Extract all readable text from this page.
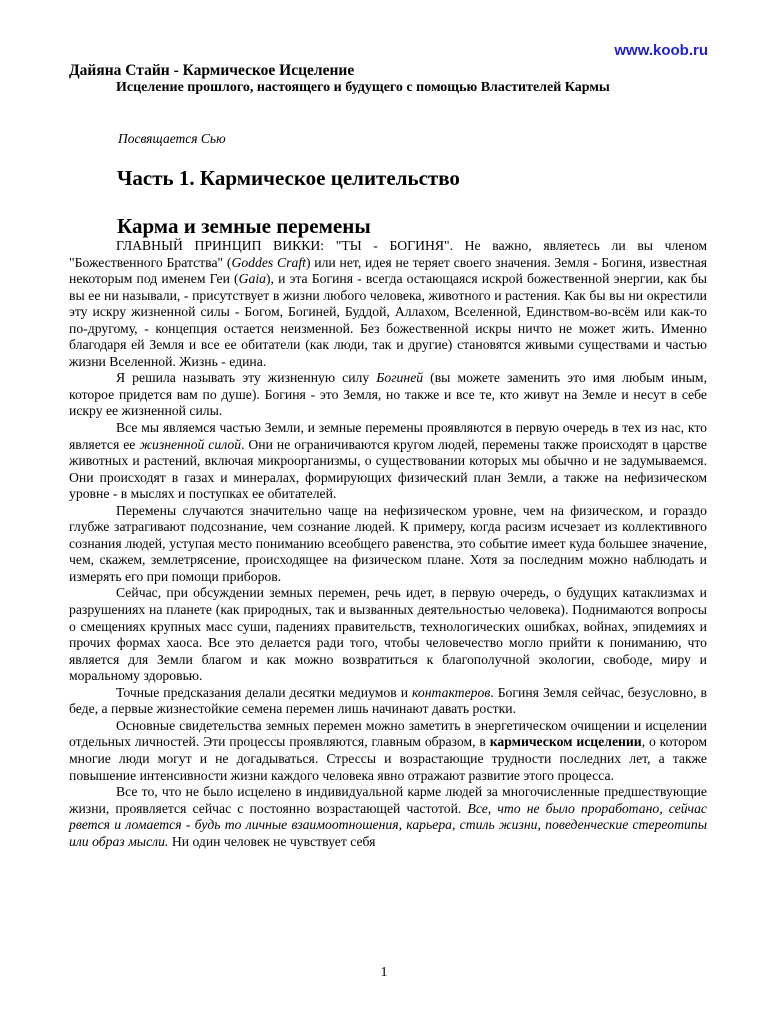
www.koob.ru
Дайяна Стайн - Кармическое Исцеление
Исцеление прошлого, настоящего и будущего с помощью Властителей Кармы
Посвящается Сью
Часть 1. Кармическое целительство
Карма и земные перемены

ГЛАВНЫЙ ПРИНЦИП ВИККИ: "ТЫ - БОГИНЯ". Не важно, являетесь ли вы членом "Божественного Братства" (Goddes Craft) или нет, идея не теряет своего значения. Земля - Богиня, известная некоторым под именем Геи (Gaia), и эта Богиня - всегда остающаяся искрой божественной энергии, как бы вы ее ни называли, - присутствует в жизни любого человека, животного и растения. Как бы вы ни окрестили эту искру жизненной силы - Богом, Богиней, Буддой, Аллахом, Вселенной, Единством-во-всём или как-то по-другому, - концепция остается неизменной. Без божественной искры ничто не может жить. Именно благодаря ей Земля и все ее обитатели (как люди, так и другие) становятся живыми существами и частью жизни Вселенной. Жизнь - едина.

Я решила называть эту жизненную силу Богиней (вы можете заменить это имя любым иным, которое придется вам по душе). Богиня - это Земля, но также и все те, кто живут на Земле и несут в себе искру ее жизненной силы.

Все мы являемся частью Земли, и земные перемены проявляются в первую очередь в тех из нас, кто является ее жизненной силой. Они не ограничиваются кругом людей, перемены также происходят в царстве животных и растений, включая микроорганизмы, о существовании которых мы обычно и не задумываемся. Они происходят в газах и минералах, формирующих физический план Земли, а также на нефизическом уровне - в мыслях и поступках ее обитателей.

Перемены случаются значительно чаще на нефизическом уровне, чем на физическом, и гораздо глубже затрагивают подсознание, чем сознание людей. К примеру, когда расизм исчезает из коллективного сознания людей, уступая место пониманию всеобщего равенства, это событие имеет куда большее значение, чем, скажем, землетрясение, происходящее на физическом плане. Хотя за последним можно наблюдать и измерять его при помощи приборов.

Сейчас, при обсуждении земных перемен, речь идет, в первую очередь, о будущих катаклизмах и разрушениях на планете (как природных, так и вызванных деятельностью человека). Поднимаются вопросы о смещениях крупных масс суши, падениях правительств, технологических ошибках, войнах, эпидемиях и прочих формах хаоса. Все это делается ради того, чтобы человечество могло прийти к пониманию, что является для Земли благом и как можно возвратиться к благополучной экологии, свободе, миру и моральному здоровью.

Точные предсказания делали десятки медиумов и контактеров. Богиня Земля сейчас, безусловно, в беде, а первые жизнестойкие семена перемен лишь начинают давать ростки.

Основные свидетельства земных перемен можно заметить в энергетическом очищении и исцелении отдельных личностей. Эти процессы проявляются, главным образом, в кармическом исцелении, о котором многие люди могут и не догадываться. Стрессы и возрастающие трудности последних лет, а также повышение интенсивности жизни каждого человека явно отражают развитие этого процесса.

Все то, что не было исцелено в индивидуальной карме людей за многочисленные предшествующие жизни, проявляется сейчас с постоянно возрастающей частотой. Все, что не было проработано, сейчас рвется и ломается - будь то личные взаимоотношения, карьера, стиль жизни, поведенческие стереотипы или образ мысли. Ни один человек не чувствует себя

1
